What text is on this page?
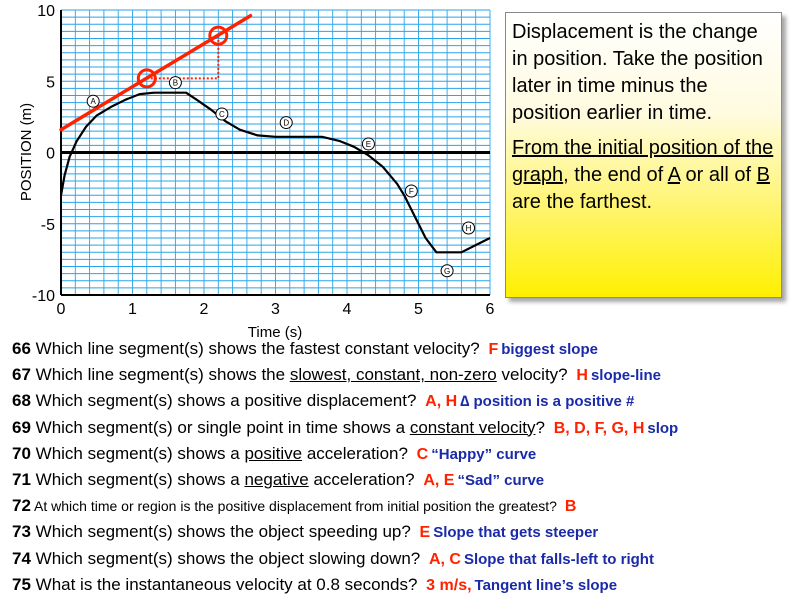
0	1	2	3	4	5	6
10
5
0
-5
-10
Time (s)
POSITION (m)
A
B
C
D
E
F
G
H

Displacement is the change in position. Take the position later in time minus the position earlier in time.

From the initial position of the graph, the end of A or all of B are the farthest.

66 Which line segment(s) shows the fastest constant velocity? F biggest slope
67 Which line segment(s) shows the slowest, constant, non-zero velocity? H slope-line
68 Which segment(s) shows a positive displacement? A, H ∆ position is a positive #
69 Which segment(s) or single point in time shows a constant velocity? B, D, F, G, H slop
70 Which segment(s) shows a positive acceleration? C “Happy” curve
71 Which segment(s) shows a negative acceleration? A, E “Sad” curve
72 At which time or region is the positive displacement from initial position the greatest? B
73 Which segment(s) shows the object speeding up? E Slope that gets steeper
74 Which segment(s) shows the object slowing down? A, C Slope that falls-left to right
75 What is the instantaneous velocity at 0.8 seconds? 3 m/s, Tangent line’s slope
